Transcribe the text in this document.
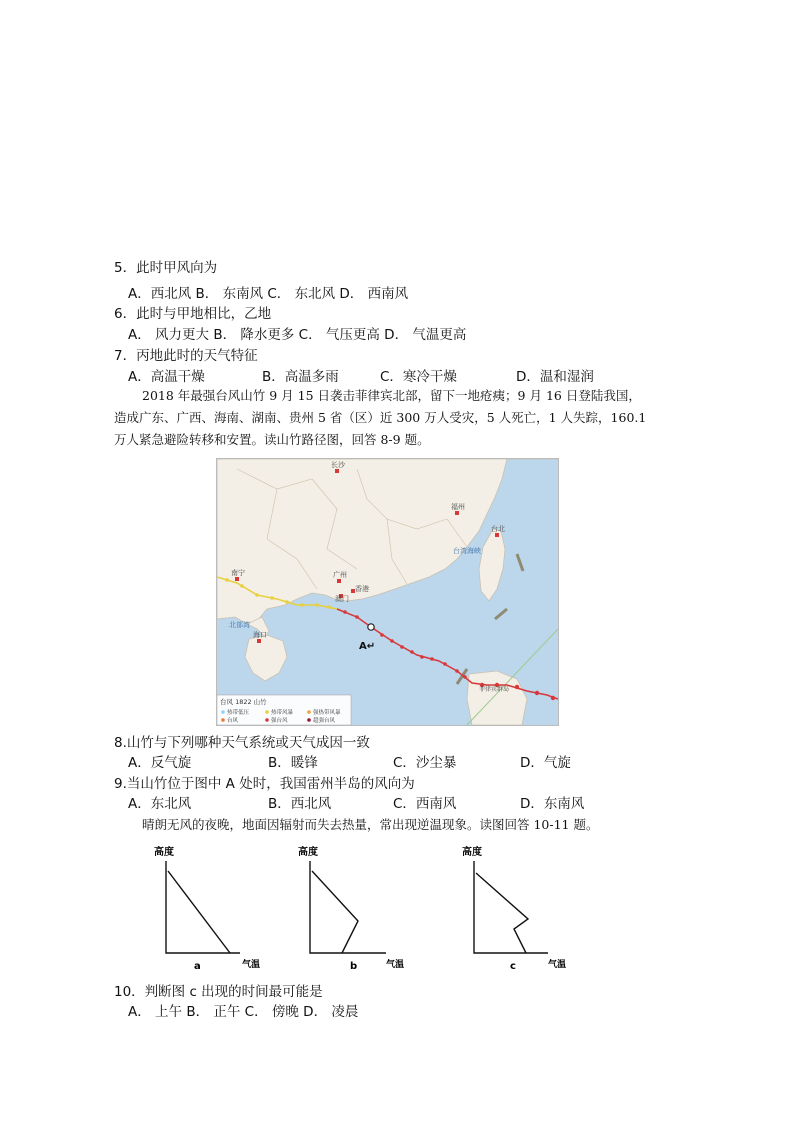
5．此时甲风向为
A．西北风 B． 东南风 C． 东北风 D． 西南风
6．此时与甲地相比，乙地
A． 风力更大 B． 降水更多 C． 气压更高 D． 气温更高
7．丙地此时的天气特征
A．高温干燥	B．高温多雨	C．寒冷干燥	D．温和湿润
2018 年最强台风山竹 9 月 15 日袭击菲律宾北部，留下一地疮痍；9 月 16 日登陆我国，
造成广东、广西、海南、湖南、贵州 5 省（区）近 300 万人受灾，5 人死亡，1 人失踪，160.1
万人紧急避险转移和安置。读山竹路径图，回答 8-9 题。
长沙
福州
台北
台湾海峡
广州
香港
澳门
南宁
北部湾
海口
菲律宾群岛
A↵
台风 1822 山竹
热带低压	热带风暴	强热带风暴
台风	强台风	超强台风
8.山竹与下列哪种天气系统或天气成因一致
A．反气旋	B．暖锋	C．沙尘暴	D．气旋
9.当山竹位于图中 A 处时，我国雷州半岛的风向为
A．东北风	B．西北风	C．西南风	D．东南风
晴朗无风的夜晚，地面因辐射而失去热量，常出现逆温现象。读图回答 10-11 题。
高度
a	气温
高度
b	气温
高度
c	气温
10．判断图 c 出现的时间最可能是
A． 上午 B． 正午 C． 傍晚 D． 凌晨
